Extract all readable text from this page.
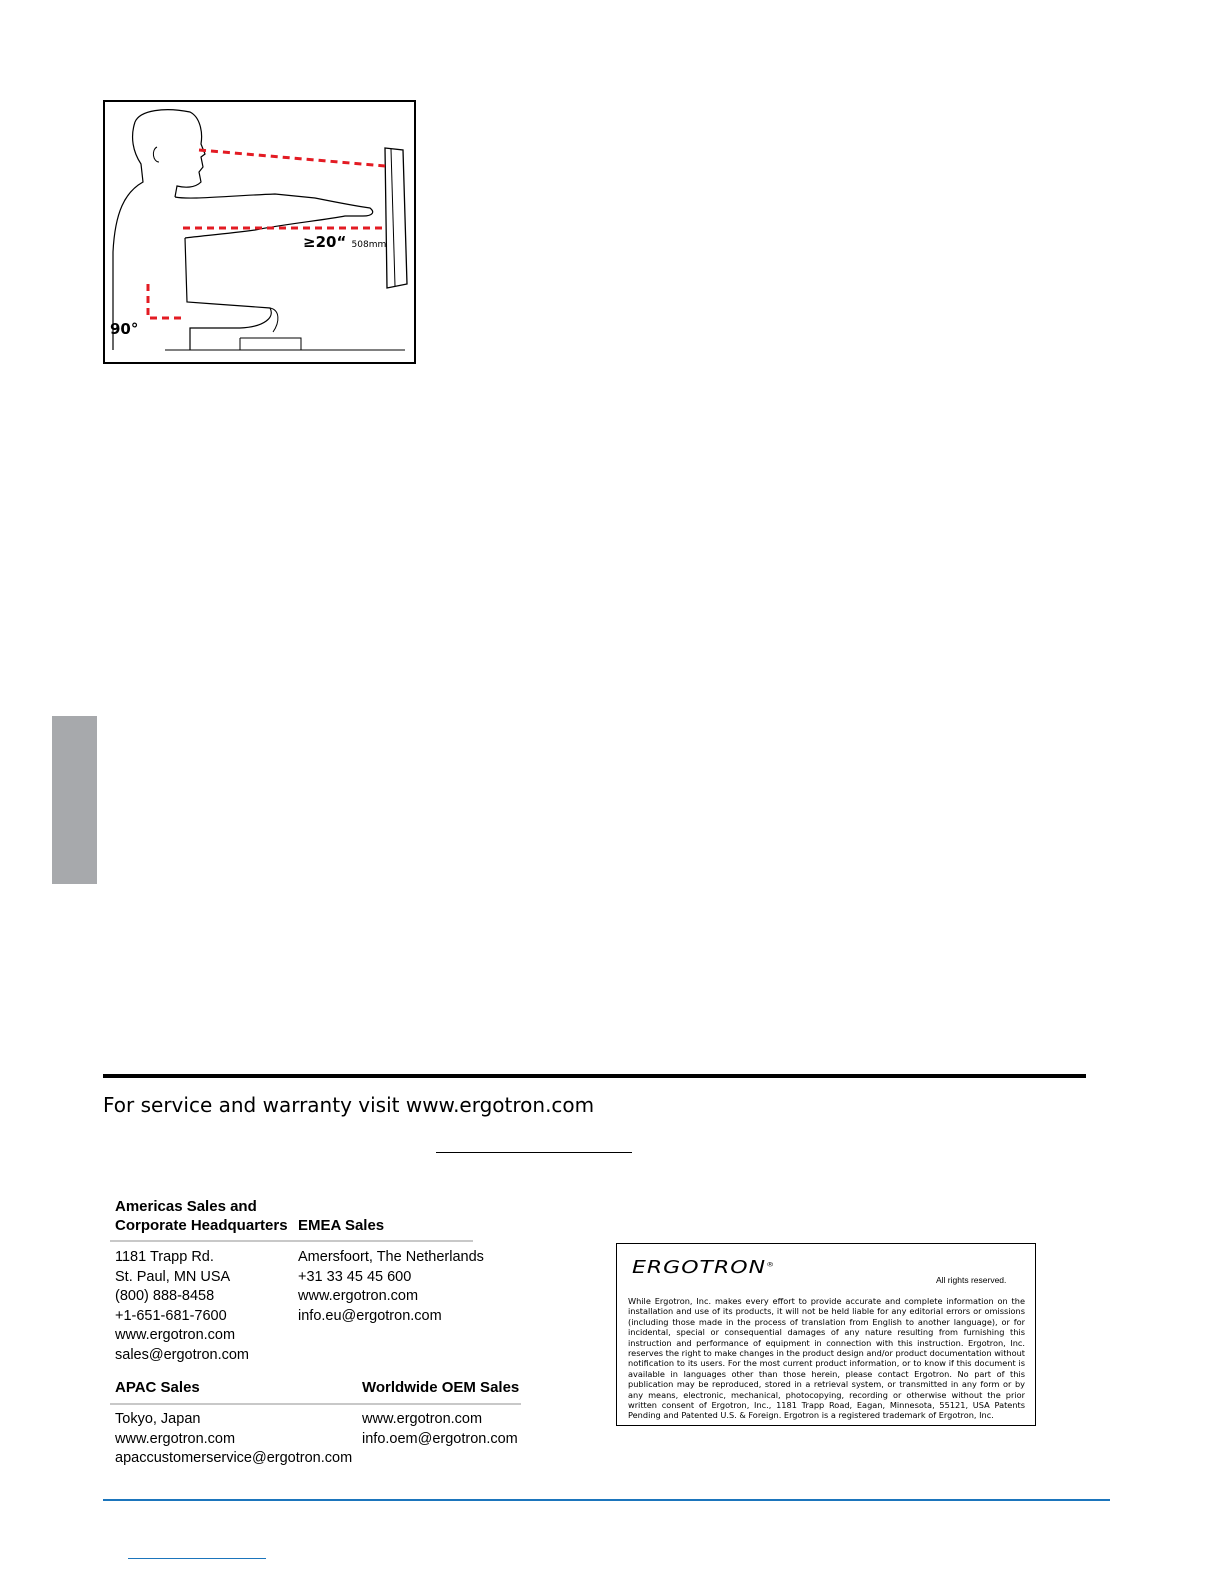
90°
≥20“ 508mm
For service and warranty visit www.ergotron.com
Americas Sales and
Corporate Headquarters EMEA Sales
1181 Trapp Rd.
St. Paul, MN USA
(800) 888-8458
+1-651-681-7600
www.ergotron.com
sales@ergotron.com
Amersfoort, The Netherlands
+31 33 45 45 600
www.ergotron.com
info.eu@ergotron.com
APAC Sales	Worldwide OEM Sales
Tokyo, Japan
www.ergotron.com
apaccustomerservice@ergotron.com
www.ergotron.com
info.oem@ergotron.com
ERGOTRON®
All rights reserved.
While Ergotron, Inc. makes every effort to provide accurate and complete information on the installation and use of its products, it will not be held liable for any editorial errors or omissions (including those made in the process of translation from English to another language), or for incidental, special or consequential damages of any nature resulting from furnishing this instruction and performance of equipment in connection with this instruction. Ergotron, Inc. reserves the right to make changes in the product design and/or product documentation without notification to its users. For the most current product information, or to know if this document is available in languages other than those herein, please contact Ergotron. No part of this publication may be reproduced, stored in a retrieval system, or transmitted in any form or by any means, electronic, mechanical, photocopying, recording or otherwise without the prior written consent of Ergotron, Inc., 1181 Trapp Road, Eagan, Minnesota, 55121, USA Patents Pending and Patented U.S. & Foreign. Ergotron is a registered trademark of Ergotron, Inc.
